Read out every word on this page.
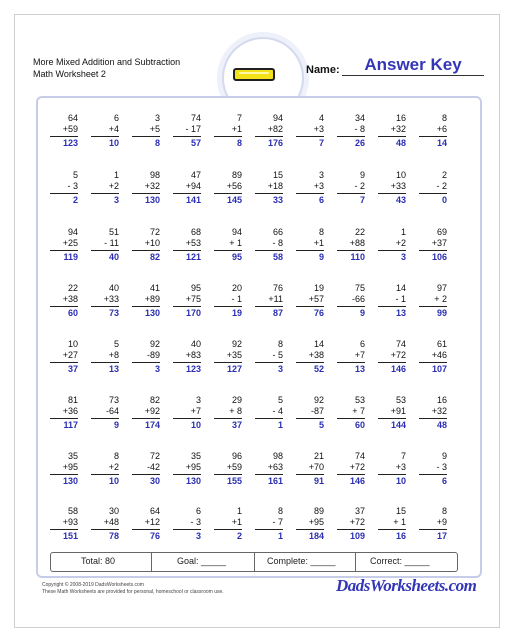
More Mixed Addition and Subtraction
Math Worksheet 2	Name:	Answer Key
64
+59
123
6
+4
10
3
+5
8
74
- 17
57
7
+1
8
94
+82
176
4
+3
7
34
- 8
26
16
+32
48
8
+6
14
5
- 3
2
1
+2
3
98
+32
130
47
+94
141
89
+56
145
15
+18
33
3
+3
6
9
- 2
7
10
+33
43
2
- 2
0
94
+25
119
51
- 11
40
72
+10
82
68
+53
121
94
+ 1
95
66
- 8
58
8
+1
9
22
+88
110
1
+2
3
69
+37
106
22
+38
60
40
+33
73
41
+89
130
95
+75
170
20
- 1
19
76
+11
87
19
+57
76
75
-66
9
14
- 1
13
97
+ 2
99
10
+27
37
5
+8
13
92
-89
3
40
+83
123
92
+35
127
8
- 5
3
14
+38
52
6
+7
13
74
+72
146
61
+46
107
81
+36
117
73
-64
9
82
+92
174
3
+7
10
29
+ 8
37
5
- 4
1
92
-87
5
53
+ 7
60
53
+91
144
16
+32
48
35
+95
130
8
+2
10
72
-42
30
35
+95
130
96
+59
155
98
+63
161
21
+70
91
74
+72
146
7
+3
10
9
- 3
6
58
+93
151
30
+48
78
64
+12
76
6
- 3
3
1
+1
2
8
- 7
1
89
+95
184
37
+72
109
15
+ 1
16
8
+9
17
Total: 80	Goal: _____	Complete: _____	Correct: _____
Copyright © 2008-2019 DadsWorksheets.com
These Math Worksheets are provided for personal, homeschool or classroom use.	DadsWorksheets.com
